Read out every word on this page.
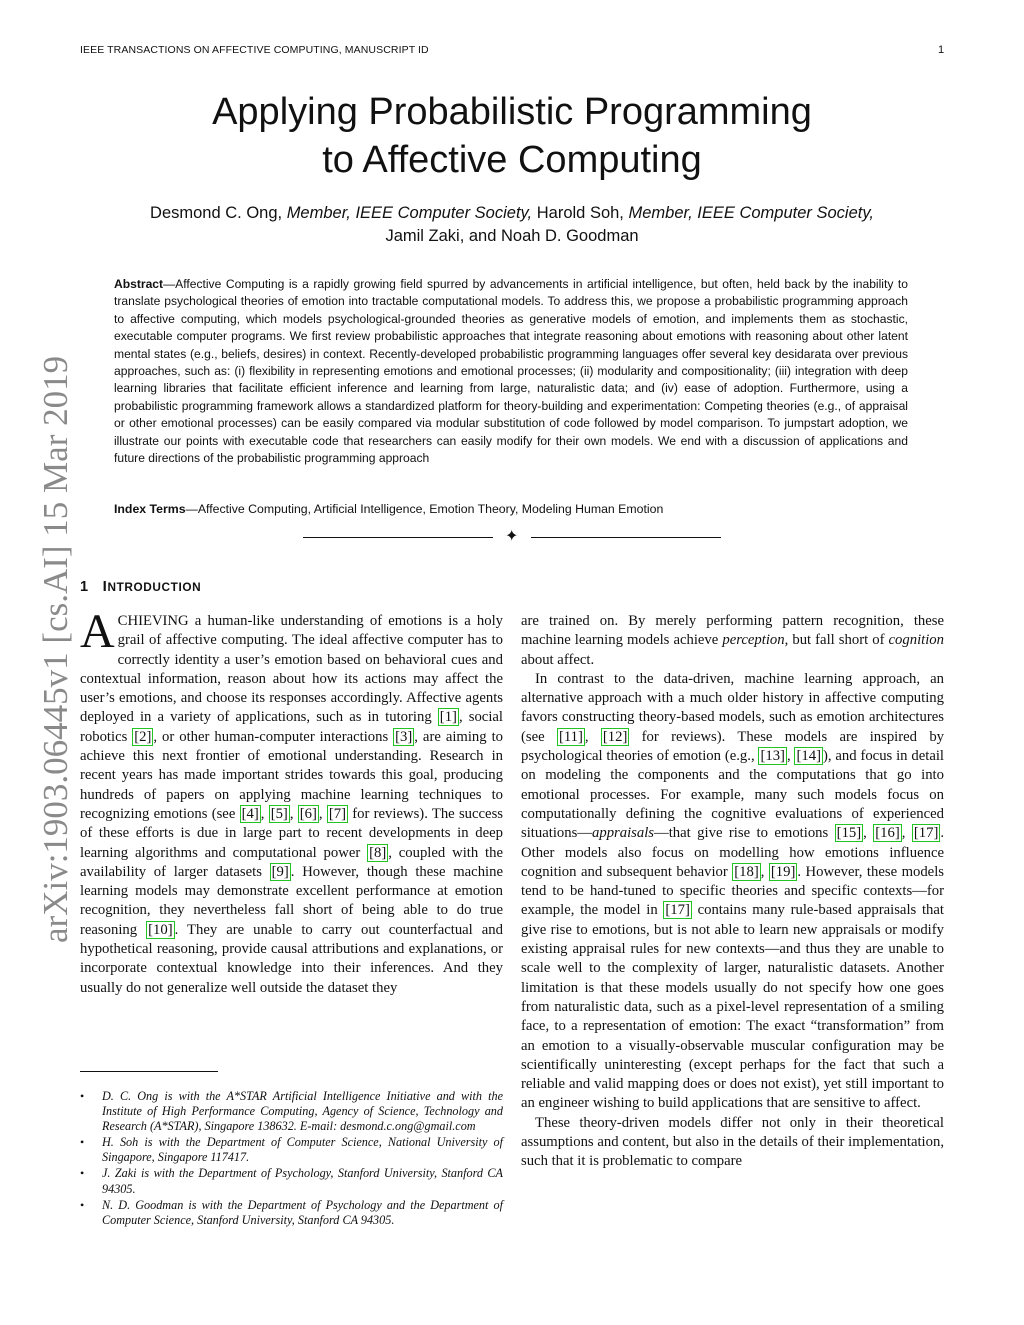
IEEE TRANSACTIONS ON AFFECTIVE COMPUTING, MANUSCRIPT ID	1
arXiv:1903.06445v1 [cs.AI] 15 Mar 2019
Applying Probabilistic Programming
to Affective Computing
Desmond C. Ong, Member, IEEE Computer Society, Harold Soh, Member, IEEE Computer Society,
Jamil Zaki, and Noah D. Goodman
Abstract—Affective Computing is a rapidly growing field spurred by advancements in artificial intelligence, but often, held back by the inability to translate psychological theories of emotion into tractable computational models. To address this, we propose a probabilistic programming approach to affective computing, which models psychological-grounded theories as generative models of emotion, and implements them as stochastic, executable computer programs. We first review probabilistic approaches that integrate reasoning about emotions with reasoning about other latent mental states (e.g., beliefs, desires) in context. Recently-developed probabilistic programming languages offer several key desidarata over previous approaches, such as: (i) flexibility in representing emotions and emotional processes; (ii) modularity and compositionality; (iii) integration with deep learning libraries that facilitate efficient inference and learning from large, naturalistic data; and (iv) ease of adoption. Furthermore, using a probabilistic programming framework allows a standardized platform for theory-building and experimentation: Competing theories (e.g., of appraisal or other emotional processes) can be easily compared via modular substitution of code followed by model comparison. To jumpstart adoption, we illustrate our points with executable code that researchers can easily modify for their own models. We end with a discussion of applications and future directions of the probabilistic programming approach
Index Terms—Affective Computing, Artificial Intelligence, Emotion Theory, Modeling Human Emotion
✦
1 INTRODUCTION

ACHIEVING a human-like understanding of emotions is a holy grail of affective computing. The ideal affective computer has to correctly identity a user’s emotion based on behavioral cues and contextual information, reason about how its actions may affect the user’s emotions, and choose its responses accordingly. Affective agents deployed in a variety of applications, such as in tutoring [1] , social robotics [2] , or other human-computer interactions [3] , are aiming to achieve this next frontier of emotional understanding. Research in recent years has made important strides towards this goal, producing hundreds of papers on applying machine learning techniques to recognizing emotions (see [4] , [5] , [6] , [7] for reviews). The success of these efforts is due in large part to recent developments in deep learning algorithms and computational power [8] , coupled with the availability of larger datasets [9] . However, though these machine learning models may demonstrate excellent performance at emotion recognition, they nevertheless fall short of being able to do true reasoning [10] . They are unable to carry out counterfactual and hypothetical reasoning, provide causal attributions and explanations, or incorporate contextual knowledge into their inferences. And they usually do not generalize well outside the dataset they

• D. C. Ong is with the A*STAR Artificial Intelligence Initiative and with the Institute of High Performance Computing, Agency of Science, Technology and Research (A*STAR), Singapore 138632. E-mail: desmond.c.ong@gmail.com
• H. Soh is with the Department of Computer Science, National University of Singapore, Singapore 117417.
• J. Zaki is with the Department of Psychology, Stanford University, Stanford CA 94305.
• N. D. Goodman is with the Department of Psychology and the Department of Computer Science, Stanford University, Stanford CA 94305.

are trained on. By merely performing pattern recognition, these machine learning models achieve perception, but fall short of cognition about affect.

In contrast to the data-driven, machine learning approach, an alternative approach with a much older history in affective computing favors constructing theory-based models, such as emotion architectures (see [11] , [12] for reviews). These models are inspired by psychological theories of emotion (e.g., [13] , [14] ), and focus in detail on modeling the components and the computations that go into emotional processes. For example, many such models focus on computationally defining the cognitive evaluations of experienced situations—appraisals—that give rise to emotions [15] , [16] , [17] . Other models also focus on modelling how emotions influence cognition and subsequent behavior [18] , [19] . However, these models tend to be hand-tuned to specific theories and specific contexts—for example, the model in [17] contains many rule-based appraisals that give rise to emotions, but is not able to learn new appraisals or modify existing appraisal rules for new contexts—and thus they are unable to scale well to the complexity of larger, naturalistic datasets. Another limitation is that these models usually do not specify how one goes from naturalistic data, such as a pixel-level representation of a smiling face, to a representation of emotion: The exact “transformation” from an emotion to a visually-observable muscular configuration may be scientifically uninteresting (except perhaps for the fact that such a reliable and valid mapping does or does not exist), yet still important to an engineer wishing to build applications that are sensitive to affect.

These theory-driven models differ not only in their theoretical assumptions and content, but also in the details of their implementation, such that it is problematic to compare
